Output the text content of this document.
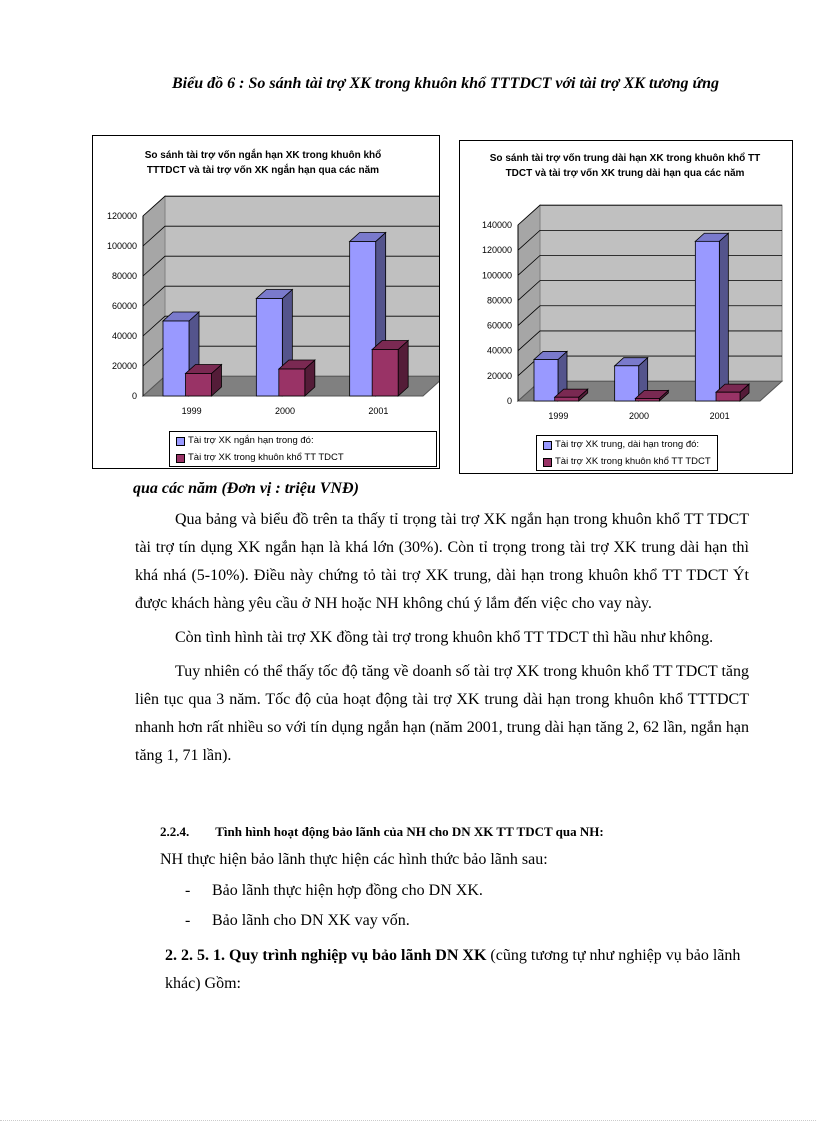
Biểu đồ 6 : So sánh tài trợ XK trong khuôn khổ TTTDCT với tài trợ XK tương ứng
So sánh tài trợ vốn ngắn hạn XK trong khuôn khổ
TTTDCT và tài trợ vốn XK ngắn hạn qua các năm
0
20000
40000
60000
80000
100000
120000
1999	2000	2001
Tài trợ XK ngắn hạn trong đó:
Tài trợ XK trong khuôn khổ TT TDCT
So sánh tài trợ vốn trung dài hạn XK trong khuôn khổ TT
TDCT và tài trợ vốn XK trung dài hạn qua các năm
0
20000
40000
60000
80000
100000
120000
140000
1999	2000	2001
Tài trợ XK trung, dài hạn trong đó:
Tài trợ XK trong khuôn khổ TT TDCT
qua các năm (Đơn vị : triệu VNĐ)

Qua bảng và biểu đồ trên ta thấy tỉ trọng tài trợ XK ngắn hạn trong khuôn khổ TT TDCT tài trợ tín dụng XK ngắn hạn là khá lớn (30%). Còn tỉ trọng trong tài trợ XK trung dài hạn thì khá nhá (5-10%). Điều này chứng tỏ tài trợ XK trung, dài hạn trong khuôn khổ TT TDCT Ýt được khách hàng yêu cầu ở NH hoặc NH không chú ý lắm đến việc cho vay này.

Còn tình hình tài trợ XK đồng tài trợ trong khuôn khổ TT TDCT thì hầu như không.

Tuy nhiên có thể thấy tốc độ tăng về doanh số tài trợ XK trong khuôn khổ TT TDCT tăng liên tục qua 3 năm. Tốc độ của hoạt động tài trợ XK trung dài hạn trong khuôn khổ TTTDCT nhanh hơn rất nhiều so với tín dụng ngắn hạn (năm 2001, trung dài hạn tăng 2, 62 lần, ngắn hạn tăng 1, 71 lần).

2.2.4. Tình hình hoạt động bảo lãnh của NH cho DN XK TT TDCT qua NH:
NH thực hiện bảo lãnh thực hiện các hình thức bảo lãnh sau:
- Bảo lãnh thực hiện hợp đồng cho DN XK.
- Bảo lãnh cho DN XK vay vốn.
2. 2. 5. 1. Quy trình nghiệp vụ bảo lãnh DN XK (cũng tương tự như nghiệp vụ bảo lãnh khác) Gồm:
